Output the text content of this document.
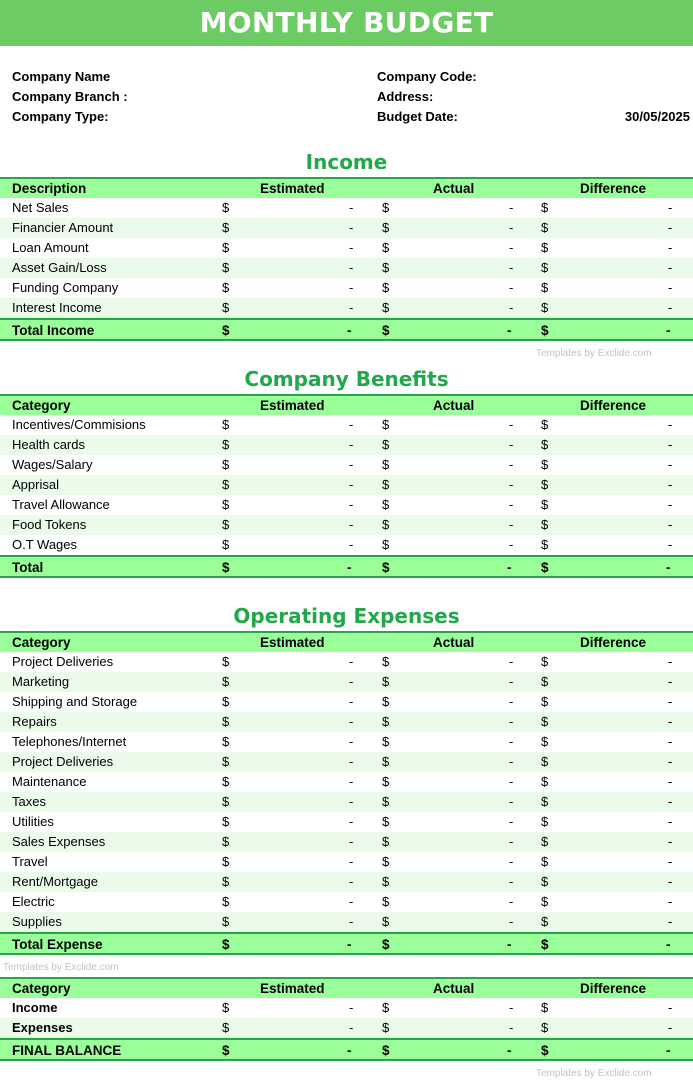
MONTHLY BUDGET
Company Name	Company Code:
Company Branch :	Address:
Company Type:	Budget Date:	30/05/2025
Income
Description	Estimated	Actual	Difference
Net Sales	$	- $	- $	-
Financier Amount	$	- $	- $	-
Loan Amount	$	- $	- $	-
Asset Gain/Loss	$	- $	- $	-
Funding Company	$	- $	- $	-
Interest Income	$	- $	- $	-
Total Income	$	- $	- $	-
Templates by Exclide.com
Company Benefits
Category	Estimated	Actual	Difference
Incentives/Commisions	$	- $	- $	-
Health cards	$	- $	- $	-
Wages/Salary	$	- $	- $	-
Apprisal	$	- $	- $	-
Travel Allowance	$	- $	- $	-
Food Tokens	$	- $	- $	-
O.T Wages	$	- $	- $	-
Total	$	- $	- $	-
Operating Expenses
Category	Estimated	Actual	Difference
Project Deliveries	$	- $	- $	-
Marketing	$	- $	- $	-
Shipping and Storage	$	- $	- $	-
Repairs	$	- $	- $	-
Telephones/Internet	$	- $	- $	-
Project Deliveries	$	- $	- $	-
Maintenance	$	- $	- $	-
Taxes	$	- $	- $	-
Utilities	$	- $	- $	-
Sales Expenses	$	- $	- $	-
Travel	$	- $	- $	-
Rent/Mortgage	$	- $	- $	-
Electric	$	- $	- $	-
Supplies	$	- $	- $	-
Total Expense	$	- $	- $	-
Templates by Exclide.com
Category	Estimated	Actual	Difference
Income	$	- $	- $	-
Expenses	$	- $	- $	-
FINAL BALANCE	$	- $	- $	-
Templates by Exclide.com
